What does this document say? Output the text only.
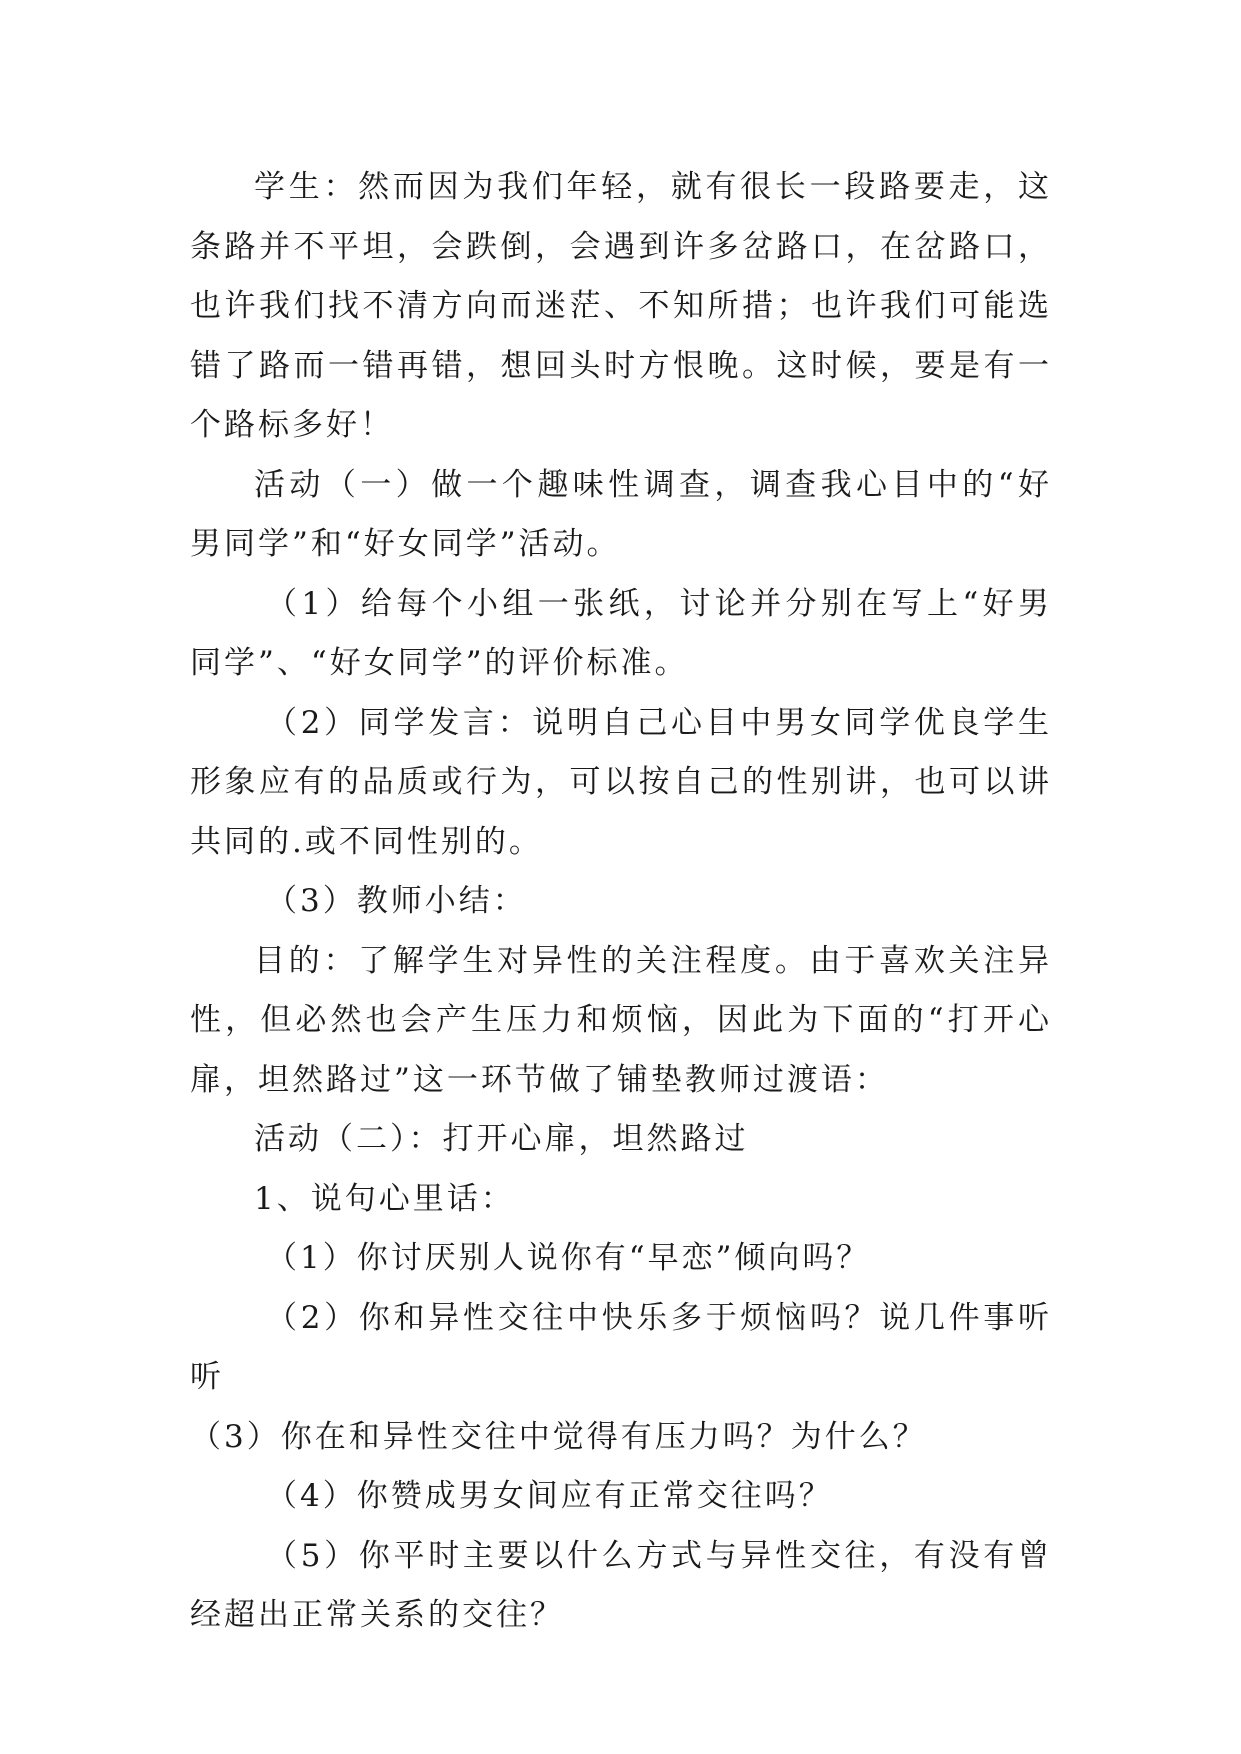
学生：然而因为我们年轻，就有很长一段路要走，这条路并不平坦，会跌倒，会遇到许多岔路口，在岔路口，也许我们找不清方向而迷茫、不知所措；也许我们可能选错了路而一错再错，想回头时方恨晚。这时候，要是有一个路标多好！

活动（一）做一个趣味性调查，调查我心目中的“好男同学”和“好女同学”活动。

（1）给每个小组一张纸，讨论并分别在写上“好男同学”、“好女同学”的评价标准。

（2）同学发言：说明自己心目中男女同学优良学生形象应有的品质或行为，可以按自己的性别讲，也可以讲共同的.或不同性别的。

（3）教师小结：

目的：了解学生对异性的关注程度。由于喜欢关注异性，但必然也会产生压力和烦恼，因此为下面的“打开心扉，坦然路过”这一环节做了铺垫教师过渡语：

活动（二）：打开心扉，坦然路过

1、说句心里话：

（1）你讨厌别人说你有“早恋”倾向吗？

（2）你和异性交往中快乐多于烦恼吗？说几件事听听

（3）你在和异性交往中觉得有压力吗？为什么？

（4）你赞成男女间应有正常交往吗？

（5）你平时主要以什么方式与异性交往，有没有曾经超出正常关系的交往？
